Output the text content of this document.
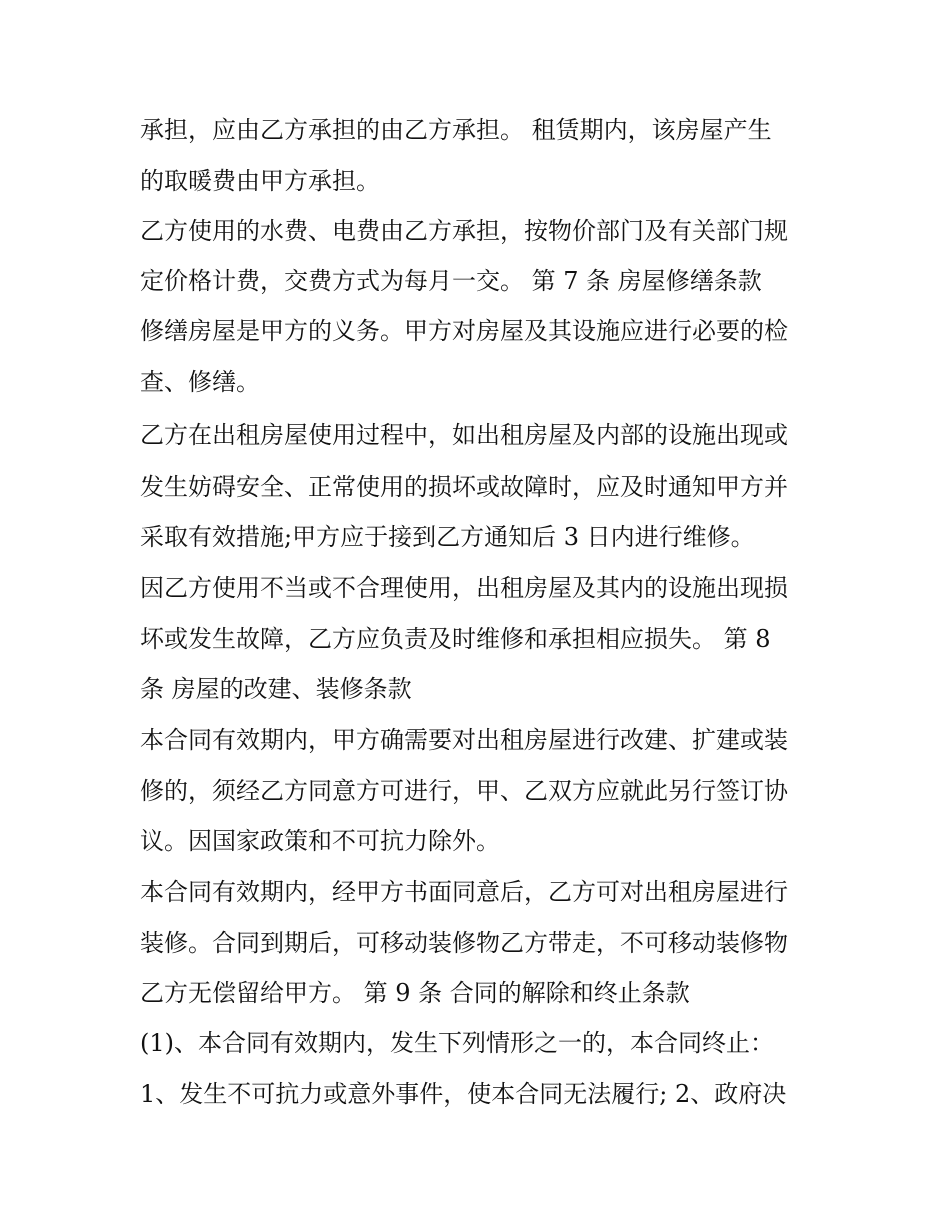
承担，应由乙方承担的由乙方承担。 租赁期内，该房屋产生
的取暖费由甲方承担。
乙方使用的水费、电费由乙方承担，按物价部门及有关部门规
定价格计费，交费方式为每月一交。 第 7 条 房屋修缮条款
修缮房屋是甲方的义务。甲方对房屋及其设施应进行必要的检
查、修缮。
乙方在出租房屋使用过程中，如出租房屋及内部的设施出现或
发生妨碍安全、正常使用的损坏或故障时，应及时通知甲方并
采取有效措施;甲方应于接到乙方通知后 3 日内进行维修。
因乙方使用不当或不合理使用，出租房屋及其内的设施出现损
坏或发生故障，乙方应负责及时维修和承担相应损失。 第 8
条 房屋的改建、装修条款
本合同有效期内，甲方确需要对出租房屋进行改建、扩建或装
修的，须经乙方同意方可进行，甲、乙双方应就此另行签订协
议。因国家政策和不可抗力除外。
本合同有效期内，经甲方书面同意后，乙方可对出租房屋进行
装修。合同到期后，可移动装修物乙方带走，不可移动装修物
乙方无偿留给甲方。 第 9 条 合同的解除和终止条款
(1)、本合同有效期内，发生下列情形之一的，本合同终止：
1、发生不可抗力或意外事件，使本合同无法履行; 2、政府决
